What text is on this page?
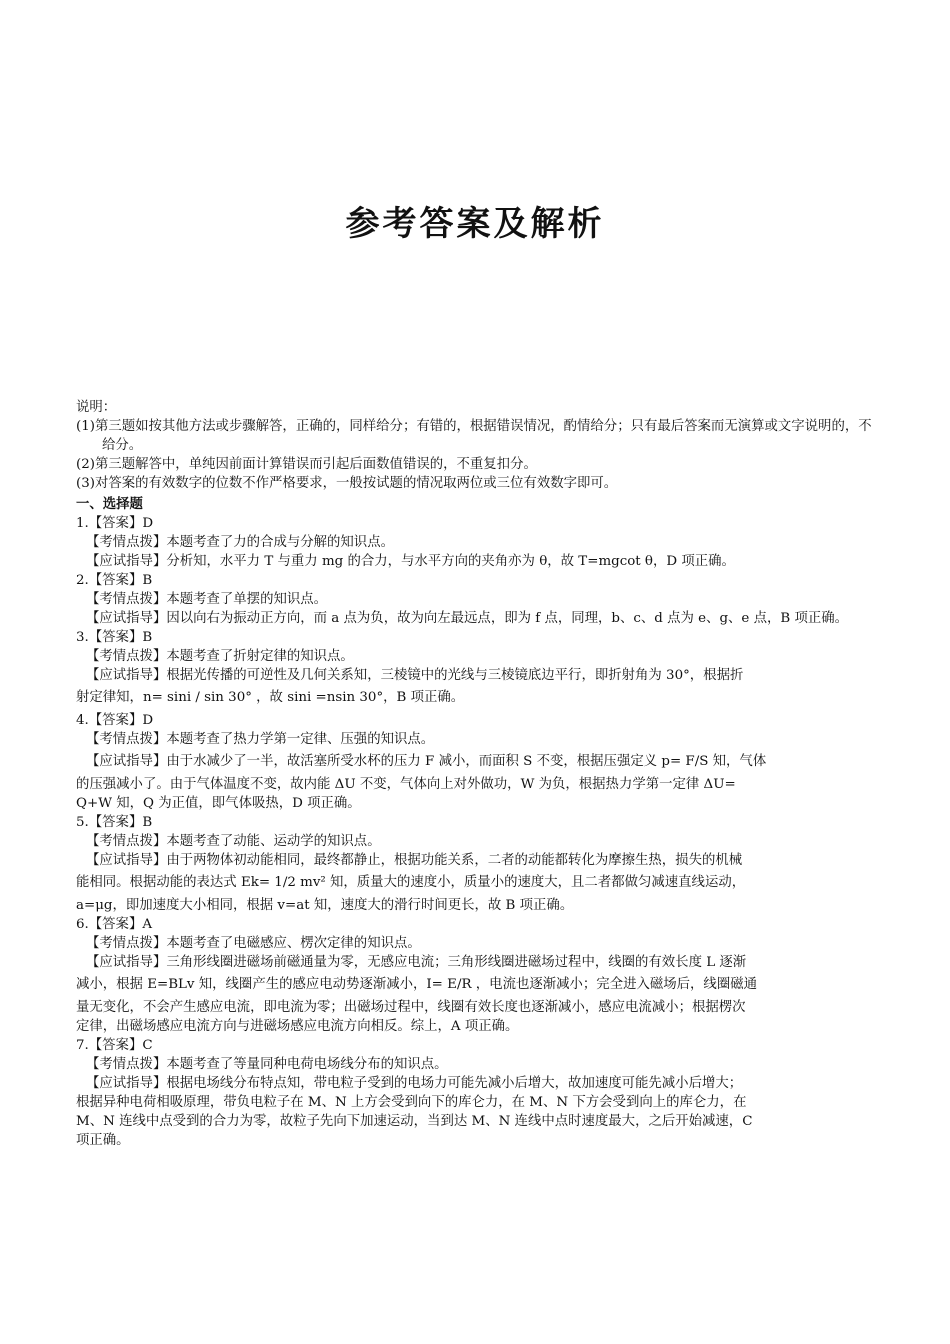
参考答案及解析
说明：
(1)第三题如按其他方法或步骤解答，正确的，同样给分；有错的，根据错误情况，酌情给分；只有最后答案而无演算或文字说明的，不给分。
(2)第三题解答中，单纯因前面计算错误而引起后面数值错误的，不重复扣分。
(3)对答案的有效数字的位数不作严格要求，一般按试题的情况取两位或三位有效数字即可。
一、选择题
1.【答案】D
【考情点拨】本题考查了力的合成与分解的知识点。
【应试指导】分析知，水平力 T 与重力 mg 的合力，与水平方向的夹角亦为 θ，故 T=mgcot θ，D 项正确。
2.【答案】B
【考情点拨】本题考查了单摆的知识点。
【应试指导】因以向右为振动正方向，而 a 点为负，故为向左最远点，即为 f 点，同理，b、c、d 点为 e、g、e 点，B 项正确。
3.【答案】B
【考情点拨】本题考查了折射定律的知识点。
【应试指导】根据光传播的可逆性及几何关系知，三棱镜中的光线与三棱镜底边平行，即折射角为 30°，根据折
射定律知，n= sini / sin 30° ，故 sini =nsin 30°，B 项正确。
4.【答案】D
【考情点拨】本题考查了热力学第一定律、压强的知识点。
【应试指导】由于水减少了一半，故活塞所受水杯的压力 F 减小，而面积 S 不变，根据压强定义 p= F/S 知，气体
的压强减小了。由于气体温度不变，故内能 ΔU 不变，气体向上对外做功，W 为负，根据热力学第一定律 ΔU=
Q+W 知，Q 为正值，即气体吸热，D 项正确。
5.【答案】B
【考情点拨】本题考查了动能、运动学的知识点。
【应试指导】由于两物体初动能相同，最终都静止，根据功能关系，二者的动能都转化为摩擦生热，损失的机械
能相同。根据动能的表达式 Ek= 1/2 mv² 知，质量大的速度小，质量小的速度大，且二者都做匀减速直线运动，
a=μg，即加速度大小相同，根据 v=at 知，速度大的滑行时间更长，故 B 项正确。
6.【答案】A
【考情点拨】本题考查了电磁感应、楞次定律的知识点。
【应试指导】三角形线圈进磁场前磁通量为零，无感应电流；三角形线圈进磁场过程中，线圈的有效长度 L 逐渐
减小，根据 E=BLv 知，线圈产生的感应电动势逐渐减小，I= E/R ，电流也逐渐减小；完全进入磁场后，线圈磁通
量无变化，不会产生感应电流，即电流为零；出磁场过程中，线圈有效长度也逐渐减小，感应电流减小；根据楞次
定律，出磁场感应电流方向与进磁场感应电流方向相反。综上，A 项正确。
7.【答案】C
【考情点拨】本题考查了等量同种电荷电场线分布的知识点。
【应试指导】根据电场线分布特点知，带电粒子受到的电场力可能先减小后增大，故加速度可能先减小后增大；
根据异种电荷相吸原理，带负电粒子在 M、N 上方会受到向下的库仑力，在 M、N 下方会受到向上的库仑力，在
M、N 连线中点受到的合力为零，故粒子先向下加速运动，当到达 M、N 连线中点时速度最大，之后开始减速，C
项正确。
